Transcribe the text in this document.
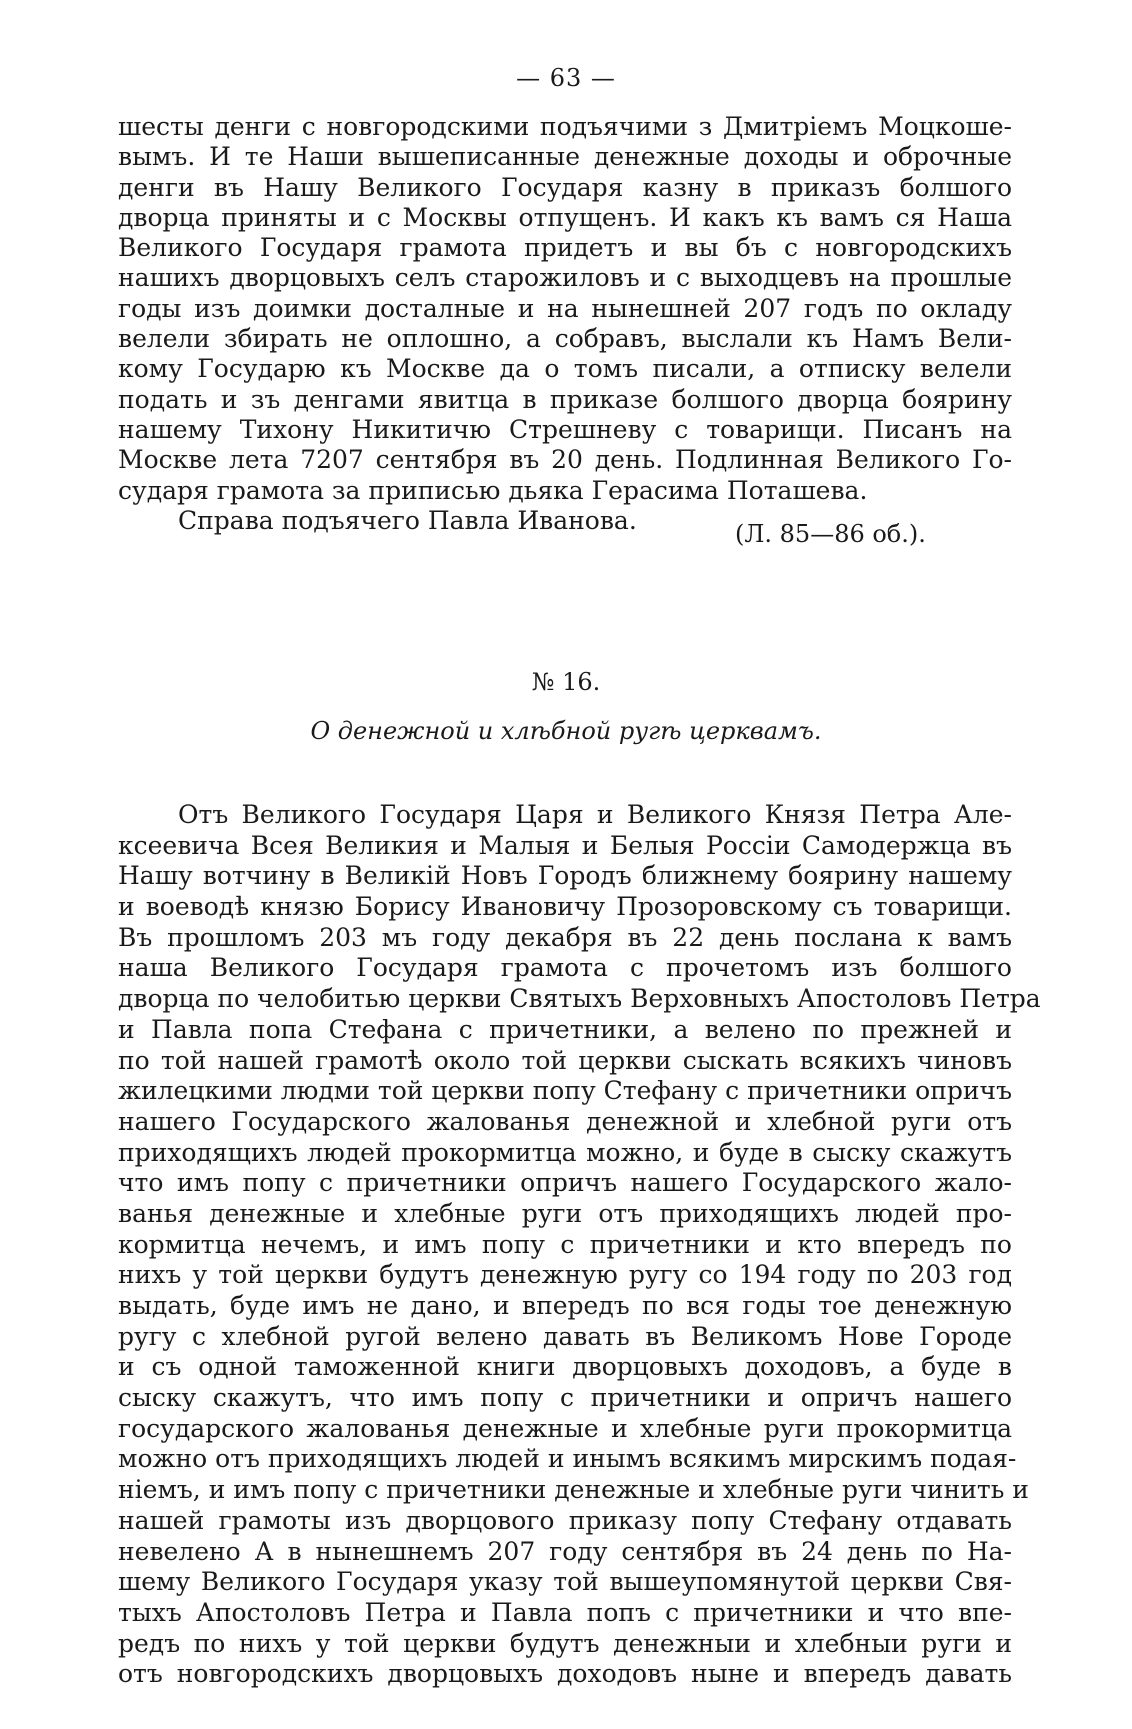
— 63 —
шесты денги с новгородскими подъячими з Дмитріемъ Моцкоше-
вымъ. И те Наши вышеписанные денежные доходы и оброчные
денги въ Нашу Великого Государя казну в приказъ болшого
дворца приняты и с Москвы отпущенъ. И какъ къ вамъ ся Наша
Великого Государя грамота придетъ и вы бъ с новгородскихъ
нашихъ дворцовыхъ селъ старожиловъ и с выходцевъ на прошлые
годы изъ доимки досталные и на нынешней 207 годъ по окладу
велели збирать не оплошно, а собравъ, выслали къ Намъ Вели-
кому Государю къ Москве да о томъ писали, а отписку велели
подать и зъ денгами явитца в приказе болшого дворца боярину
нашему Тихону Никитичю Стрешневу с товарищи. Писанъ на
Москве лета 7207 сентября въ 20 день. Подлинная Великого Го-
сударя грамота за приписью дьяка Герасима Поташева.
Справа подъячего Павла Иванова.	(Л. 85—86 об.).
№ 16.
О денежной и хлѣбной ругѣ церквамъ.
Отъ Великого Государя Царя и Великого Князя Петра Але-
ксеевича Всея Великия и Малыя и Белыя Россіи Самодержца въ
Нашу вотчину в Великій Новъ Городъ ближнему боярину нашему
и воеводѣ князю Борису Ивановичу Прозоровскому съ товарищи.
Въ прошломъ 203 мъ году декабря въ 22 день послана к вамъ
наша Великого Государя грамота с прочетомъ изъ болшого
дворца по челобитью церкви Святыхъ Верховныхъ Апостоловъ Петра
и Павла попа Стефана с причетники, а велено по прежней и
по той нашей грамотѣ около той церкви сыскать всякихъ чиновъ
жилецкими людми той церкви попу Стефану с причетники опричъ
нашего Государского жалованья денежной и хлебной руги отъ
приходящихъ людей прокормитца можно, и буде в сыску скажутъ
что имъ попу с причетники опричъ нашего Государского жало-
ванья денежные и хлебные руги отъ приходящихъ людей про-
кормитца нечемъ, и имъ попу с причетники и кто впередъ по
нихъ у той церкви будутъ денежную ругу со 194 году по 203 год
выдать, буде имъ не дано, и впередъ по вся годы тое денежную
ругу с хлебной ругой велено давать въ Великомъ Нове Городе
и съ одной таможенной книги дворцовыхъ доходовъ, а буде в
сыску скажутъ, что имъ попу с причетники и опричъ нашего
государского жалованья денежные и хлебные руги прокормитца
можно отъ приходящихъ людей и инымъ всякимъ мирскимъ подая-
ніемъ, и имъ попу с причетники денежные и хлебные руги чинить и
нашей грамоты изъ дворцового приказу попу Стефану отдавать
невелено А в нынешнемъ 207 году сентября въ 24 день по На-
шему Великого Государя указу той вышеупомянутой церкви Свя-
тыхъ Апостоловъ Петра и Павла попъ с причетники и что впе-
редъ по нихъ у той церкви будутъ денежныи и хлебныи руги и
отъ новгородскихъ дворцовыхъ доходовъ ныне и впередъ давать
